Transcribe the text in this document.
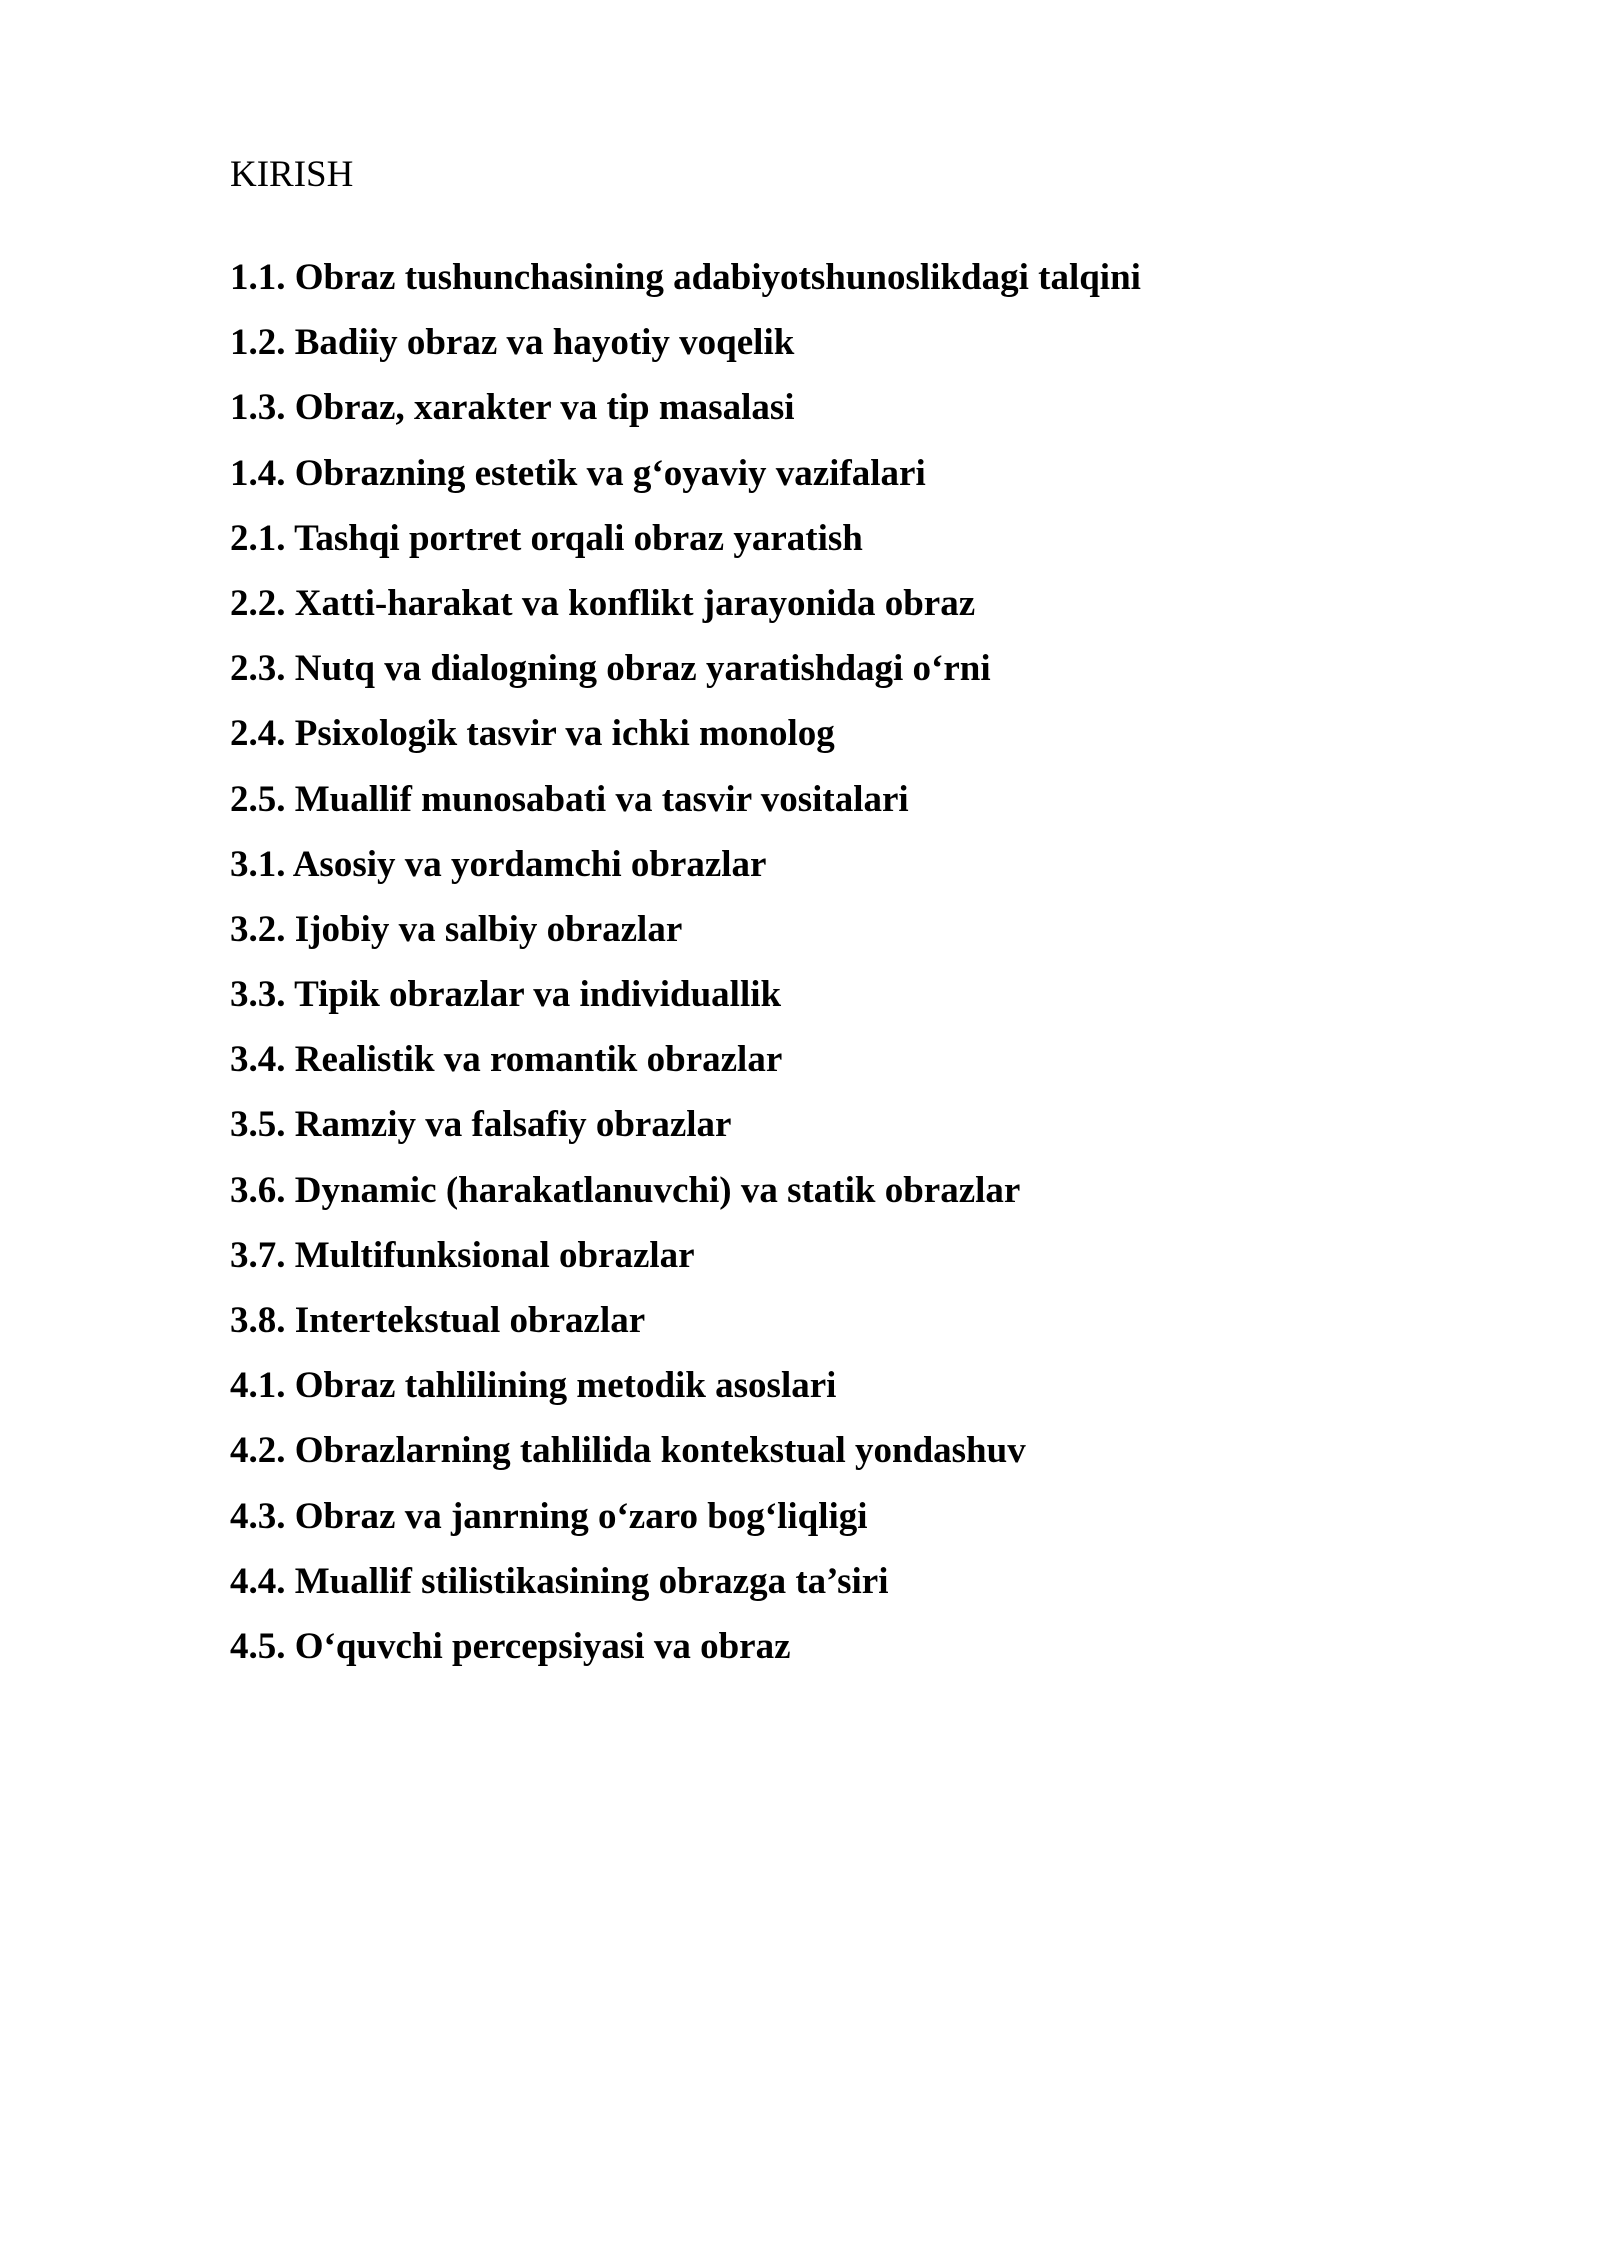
KIRISH
1.1. Obraz tushunchasining adabiyotshunoslikdagi talqini
1.2. Badiiy obraz va hayotiy voqelik
1.3. Obraz, xarakter va tip masalasi
1.4. Obrazning estetik va g‘oyaviy vazifalari
2.1. Tashqi portret orqali obraz yaratish
2.2. Xatti-harakat va konflikt jarayonida obraz
2.3. Nutq va dialogning obraz yaratishdagi o‘rni
2.4. Psixologik tasvir va ichki monolog
2.5. Muallif munosabati va tasvir vositalari
3.1. Asosiy va yordamchi obrazlar
3.2. Ijobiy va salbiy obrazlar
3.3. Tipik obrazlar va individuallik
3.4. Realistik va romantik obrazlar
3.5. Ramziy va falsafiy obrazlar
3.6. Dynamic (harakatlanuvchi) va statik obrazlar
3.7. Multifunksional obrazlar
3.8. Intertekstual obrazlar
4.1. Obraz tahlilining metodik asoslari
4.2. Obrazlarning tahlilida kontekstual yondashuv
4.3. Obraz va janrning o‘zaro bog‘liqligi
4.4. Muallif stilistikasining obrazga ta’siri
4.5. O‘quvchi percepsiyasi va obraz
